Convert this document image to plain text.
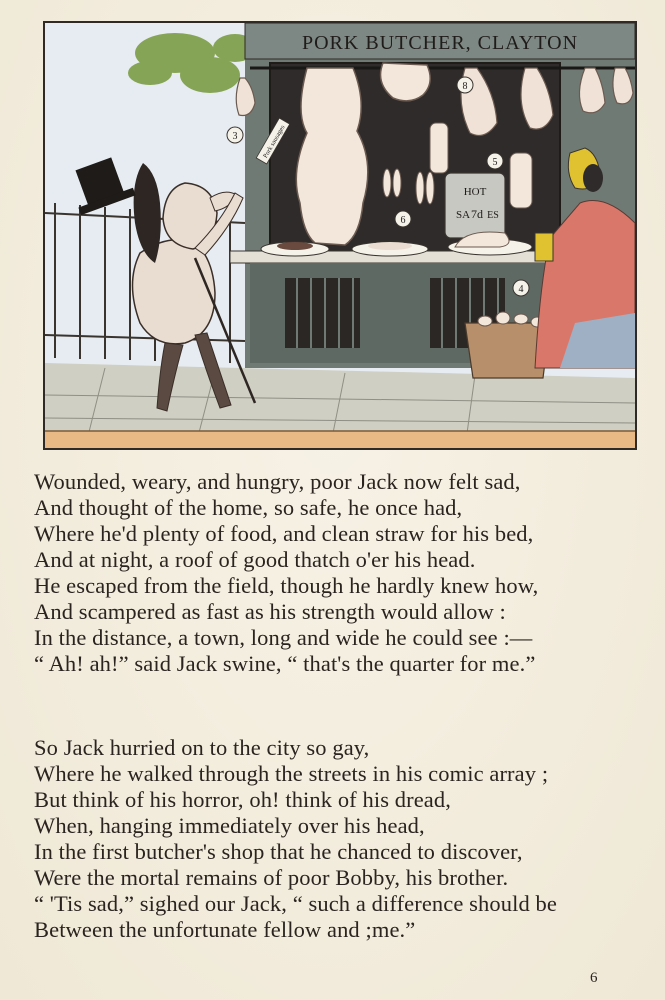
PORK BUTCHER, CLAYTON
HOT
SA 7d ES
3
8
5
6
4
Pork sausages
Wounded, weary, and hungry, poor Jack now felt sad,
And thought of the home, so safe, he once had,
Where he'd plenty of food, and clean straw for his bed,
And at night, a roof of good thatch o'er his head.
He escaped from the field, though he hardly knew how,
And scampered as fast as his strength would allow :
In the distance, a town, long and wide he could see :—
“ Ah! ah!” said Jack swine, “ that's the quarter for me.”
So Jack hurried on to the city so gay,
Where he walked through the streets in his comic array ;
But think of his horror, oh! think of his dread,
When, hanging immediately over his head,
In the first butcher's shop that he chanced to discover,
Were the mortal remains of poor Bobby, his brother.
“ 'Tis sad,” sighed our Jack, “ such a difference should be
Between the unfortunate fellow and ;me.”
6
